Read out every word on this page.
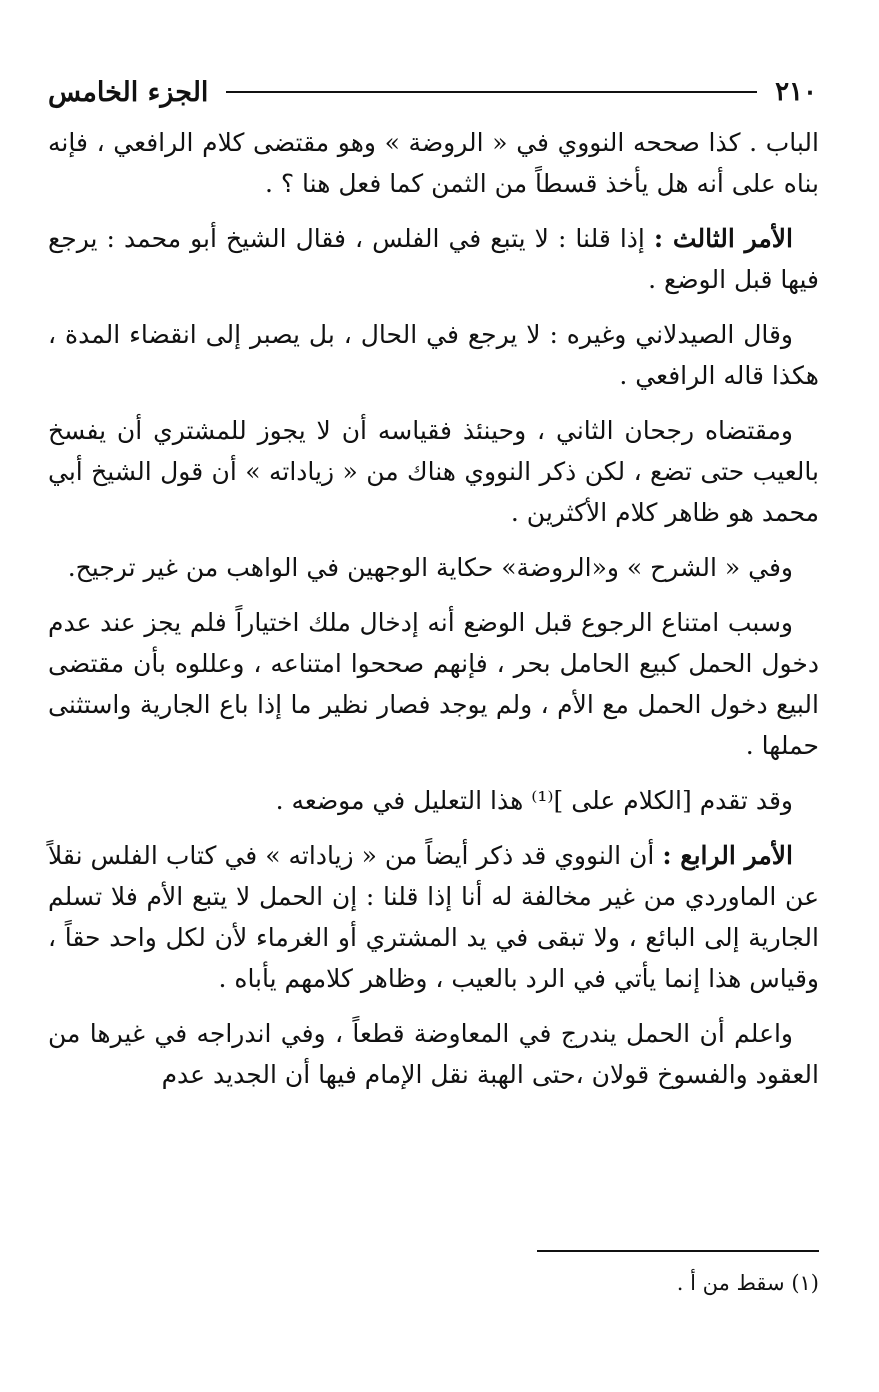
٢١٠
الجزء الخامس

الباب . كذا صححه النووي في « الروضة » وهو مقتضى كلام الرافعي ، فإنه بناه على أنه هل يأخذ قسطاً من الثمن كما فعل هنا ؟ .

الأمر الثالث : إذا قلنا : لا يتبع في الفلس ، فقال الشيخ أبو محمد : يرجع فيها قبل الوضع .

وقال الصيدلاني وغيره : لا يرجع في الحال ، بل يصبر إلى انقضاء المدة ، هكذا قاله الرافعي .

ومقتضاه رجحان الثاني ، وحينئذ فقياسه أن لا يجوز للمشتري أن يفسخ بالعيب حتى تضع ، لكن ذكر النووي هناك من « زياداته » أن قول الشيخ أبي محمد هو ظاهر كلام الأكثرين .

وفي « الشرح » و«الروضة» حكاية الوجهين في الواهب من غير ترجيح.

وسبب امتناع الرجوع قبل الوضع أنه إدخال ملك اختياراً فلم يجز عند عدم دخول الحمل كبيع الحامل بحر ، فإنهم صححوا امتناعه ، وعللوه بأن مقتضى البيع دخول الحمل مع الأم ، ولم يوجد فصار نظير ما إذا باع الجارية واستثنى حملها .

وقد تقدم [الكلام على ]⁽¹⁾ هذا التعليل في موضعه .

الأمر الرابع : أن النووي قد ذكر أيضاً من « زياداته » في كتاب الفلس نقلاً عن الماوردي من غير مخالفة له أنا إذا قلنا : إن الحمل لا يتبع الأم فلا تسلم الجارية إلى البائع ، ولا تبقى في يد المشتري أو الغرماء لأن لكل واحد حقاً ، وقياس هذا إنما يأتي في الرد بالعيب ، وظاهر كلامهم يأباه .

واعلم أن الحمل يندرج في المعاوضة قطعاً ، وفي اندراجه في غيرها من العقود والفسوخ قولان ،حتى الهبة نقل الإمام فيها أن الجديد عدم

(١) سقط من أ .
